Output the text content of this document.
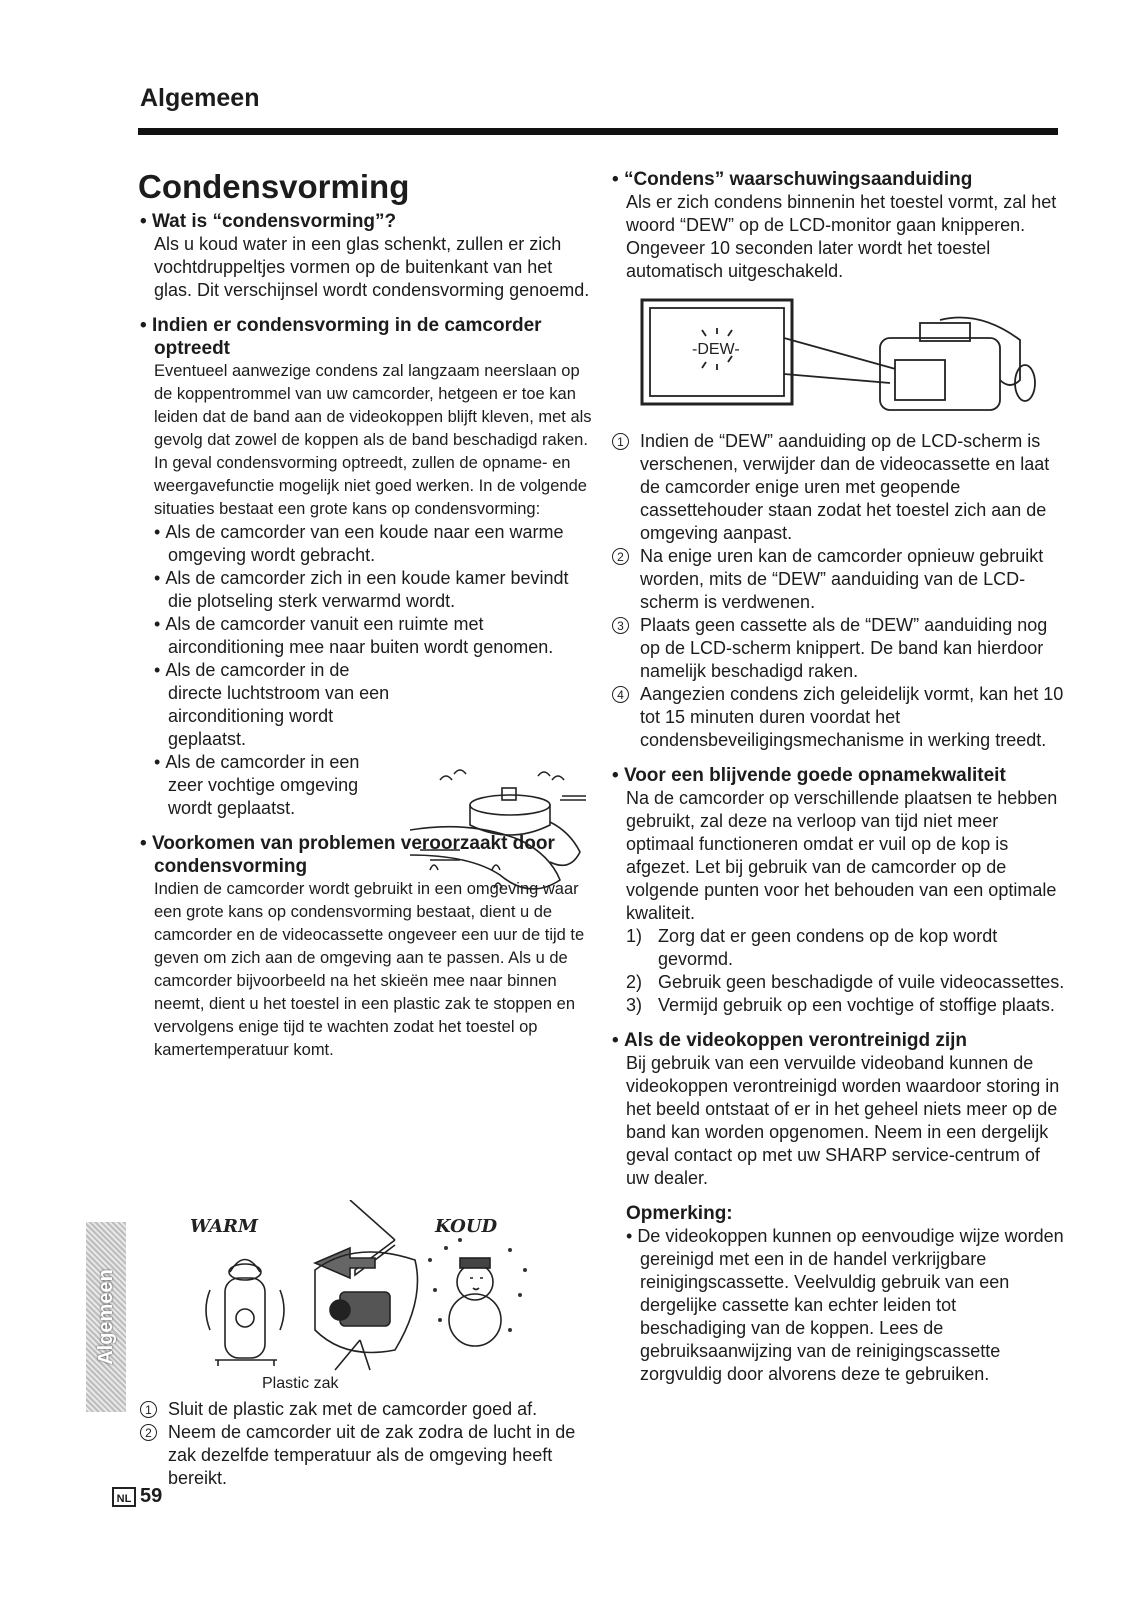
Algemeen
Condensvorming

• Wat is “condensvorming”?

Als u koud water in een glas schenkt, zullen er zich vochtdruppeltjes vormen op de buitenkant van het glas. Dit verschijnsel wordt condensvorming genoemd.

• Indien er condensvorming in de camcorder optreedt

Eventueel aanwezige condens zal langzaam neerslaan op de koppentrommel van uw camcorder, hetgeen er toe kan leiden dat de band aan de videokoppen blijft kleven, met als gevolg dat zowel de koppen als de band beschadigd raken. In geval condensvorming optreedt, zullen de opname- en weergavefunctie mogelijk niet goed werken. In de volgende situaties bestaat een grote kans op condensvorming:

• Als de camcorder van een koude naar een warme omgeving wordt gebracht.

• Als de camcorder zich in een koude kamer bevindt die plotseling sterk verwarmd wordt.

• Als de camcorder vanuit een ruimte met airconditioning mee naar buiten wordt genomen.

• Als de camcorder in de directe luchtstroom van een airconditioning wordt geplaatst.

• Als de camcorder in een zeer vochtige omgeving wordt geplaatst.

• Voorkomen van problemen veroorzaakt door condensvorming

Indien de camcorder wordt gebruikt in een omgeving waar een grote kans op condensvorming bestaat, dient u de camcorder en de videocassette ongeveer een uur de tijd te geven om zich aan de omgeving aan te passen. Als u de camcorder bijvoorbeeld na het skieën mee naar binnen neemt, dient u het toestel in een plastic zak te stoppen en vervolgens enige tijd te wachten zodat het toestel op kamertemperatuur komt.

1 Sluit de plastic zak met de camcorder goed af.

2 Neem de camcorder uit de zak zodra de lucht in de zak dezelfde temperatuur als de omgeving heeft bereikt.

WARM	KOUD
Plastic zak

• “Condens” waarschuwingsaanduiding

Als er zich condens binnenin het toestel vormt, zal het woord “DEW” op de LCD-monitor gaan knipperen. Ongeveer 10 seconden later wordt het toestel automatisch uitgeschakeld.

-DEW-

1 Indien de “DEW” aanduiding op de LCD-scherm is verschenen, verwijder dan de videocassette en laat de camcorder enige uren met geopende cassettehouder staan zodat het toestel zich aan de omgeving aanpast.

2 Na enige uren kan de camcorder opnieuw gebruikt worden, mits de “DEW” aanduiding van de LCD-scherm is verdwenen.

3 Plaats geen cassette als de “DEW” aanduiding nog op de LCD-scherm knippert. De band kan hierdoor namelijk beschadigd raken.

4 Aangezien condens zich geleidelijk vormt, kan het 10 tot 15 minuten duren voordat het condensbeveiligingsmechanisme in werking treedt.

• Voor een blijvende goede opnamekwaliteit

Na de camcorder op verschillende plaatsen te hebben gebruikt, zal deze na verloop van tijd niet meer optimaal functioneren omdat er vuil op de kop is afgezet. Let bij gebruik van de camcorder op de volgende punten voor het behouden van een optimale kwaliteit.

1) Zorg dat er geen condens op de kop wordt gevormd.

2) Gebruik geen beschadigde of vuile videocassettes.

3) Vermijd gebruik op een vochtige of stoffige plaats.

• Als de videokoppen verontreinigd zijn

Bij gebruik van een vervuilde videoband kunnen de videokoppen verontreinigd worden waardoor storing in het beeld ontstaat of er in het geheel niets meer op de band kan worden opgenomen. Neem in een dergelijk geval contact op met uw SHARP service-centrum of uw dealer.

Opmerking:

• De videokoppen kunnen op eenvoudige wijze worden gereinigd met een in de handel verkrijgbare reinigingscassette. Veelvuldig gebruik van een dergelijke cassette kan echter leiden tot beschadiging van de koppen. Lees de gebruiksaanwijzing van de reinigingscassette zorgvuldig door alvorens deze te gebruiken.

Algemeen
NL 59
